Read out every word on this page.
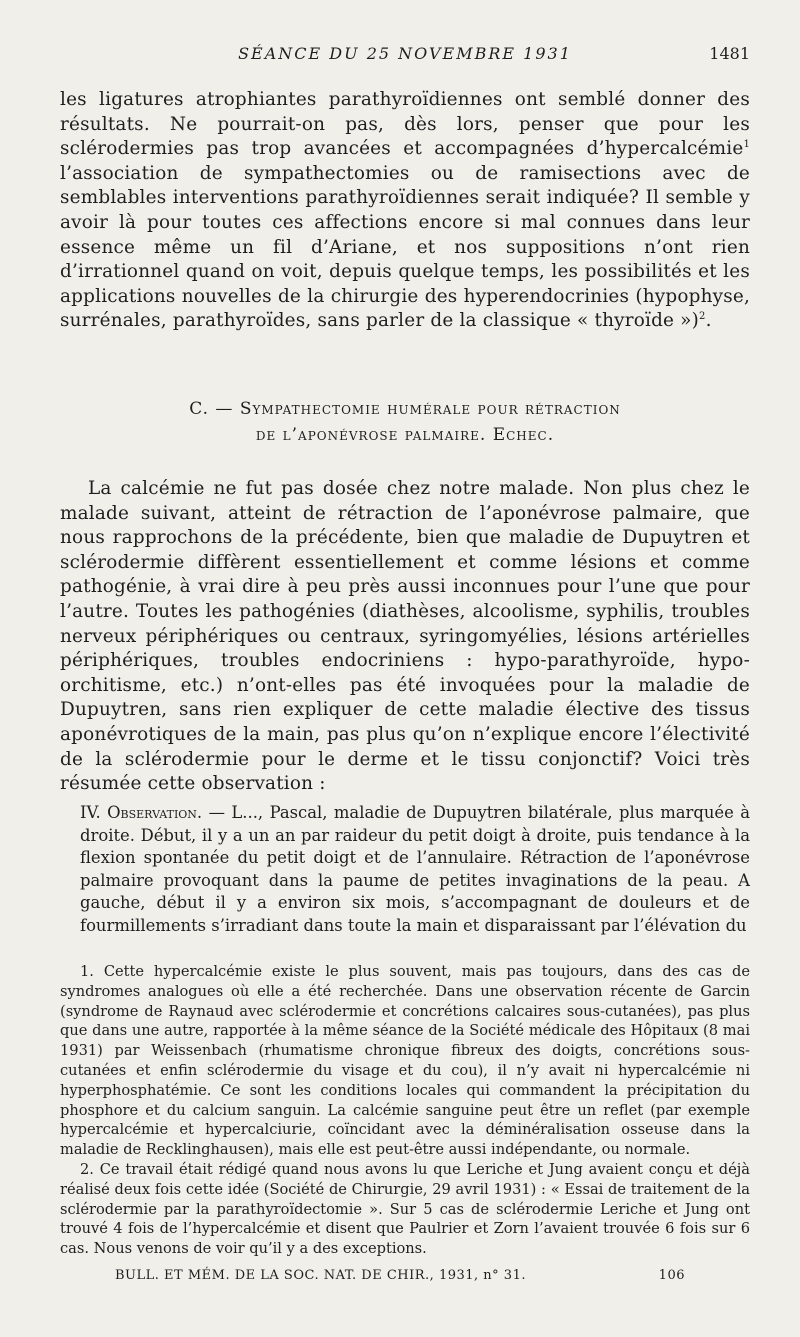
SÉANCE DU 25 NOVEMBRE 1931	1481

les ligatures atrophiantes parathyroïdiennes ont semblé donner des résultats. Ne pourrait-on pas, dès lors, penser que pour les sclérodermies pas trop avancées et accompagnées d’hypercalcémie$^1$ l’association de sympathectomies ou de ramisections avec de semblables interventions parathyroïdiennes serait indiquée? Il semble y avoir là pour toutes ces affections encore si mal connues dans leur essence même un fil d’Ariane, et nos suppositions n’ont rien d’irrationnel quand on voit, depuis quelque temps, les possibilités et les applications nouvelles de la chirurgie des hyperendocrinies (hypophyse, surrénales, parathyroïdes, sans parler de la classique « thyroïde »)$^2$.

C. — Sympathectomie humérale pour rétraction
de l’aponévrose palmaire. Echec.

La calcémie ne fut pas dosée chez notre malade. Non plus chez le malade suivant, atteint de rétraction de l’aponévrose palmaire, que nous rapprochons de la précédente, bien que maladie de Dupuytren et sclérodermie diffèrent essentiellement et comme lésions et comme pathogénie, à vrai dire à peu près aussi inconnues pour l’une que pour l’autre. Toutes les pathogénies (diathèses, alcoolisme, syphilis, troubles nerveux périphériques ou centraux, syringomyélies, lésions artérielles périphériques, troubles endocriniens : hypo-parathyroïde, hypo-orchitisme, etc.) n’ont-elles pas été invoquées pour la maladie de Dupuytren, sans rien expliquer de cette maladie élective des tissus aponévrotiques de la main, pas plus qu’on n’explique encore l’électivité de la sclérodermie pour le derme et le tissu conjonctif? Voici très résumée cette observation :

IV. Observation. — L..., Pascal, maladie de Dupuytren bilatérale, plus marquée à droite. Début, il y a un an par raideur du petit doigt à droite, puis tendance à la flexion spontanée du petit doigt et de l’annulaire. Rétraction de l’aponévrose palmaire provoquant dans la paume de petites invaginations de la peau. A gauche, début il y a environ six mois, s’accompagnant de douleurs et de fourmillements s’irradiant dans toute la main et disparaissant par l’élévation du

1. Cette hypercalcémie existe le plus souvent, mais pas toujours, dans des cas de syndromes analogues où elle a été recherchée. Dans une observation récente de Garcin (syndrome de Raynaud avec sclérodermie et concrétions calcaires sous-cutanées), pas plus que dans une autre, rapportée à la même séance de la Société médicale des Hôpitaux (8 mai 1931) par Weissenbach (rhumatisme chronique fibreux des doigts, concrétions sous-cutanées et enfin sclérodermie du visage et du cou), il n’y avait ni hypercalcémie ni hyperphosphatémie. Ce sont les conditions locales qui commandent la précipitation du phosphore et du calcium sanguin. La calcémie sanguine peut être un reflet (par exemple hypercalcémie et hypercalciurie, coïncidant avec la déminéralisation osseuse dans la maladie de Recklinghausen), mais elle est peut-être aussi indépendante, ou normale.

2. Ce travail était rédigé quand nous avons lu que Leriche et Jung avaient conçu et déjà réalisé deux fois cette idée (Société de Chirurgie, 29 avril 1931) : « Essai de traitement de la sclérodermie par la parathyroïdectomie ». Sur 5 cas de sclérodermie Leriche et Jung ont trouvé 4 fois de l’hypercalcémie et disent que Paulrier et Zorn l’avaient trouvée 6 fois sur 6 cas. Nous venons de voir qu’il y a des exceptions.

BULL. ET MÉM. DE LA SOC. NAT. DE CHIR., 1931, n° 31.	106
